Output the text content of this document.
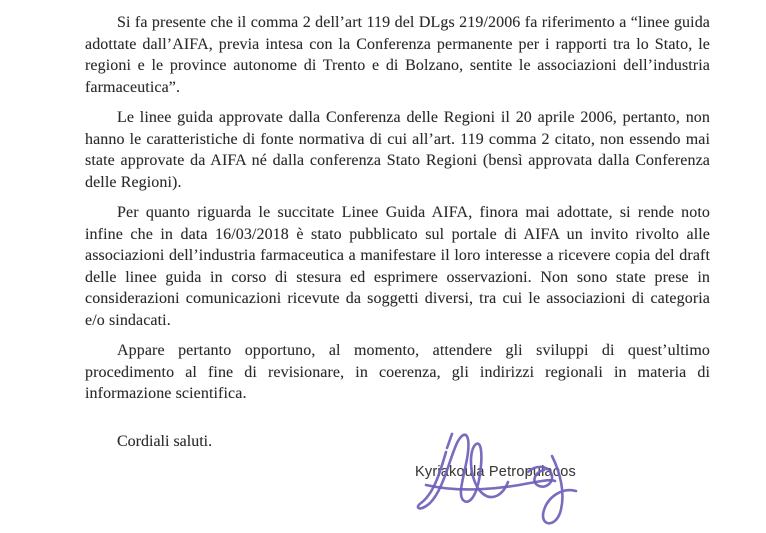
Si fa presente che il comma 2 dell’art 119 del DLgs 219/2006 fa riferimento a “linee guida adottate dall’AIFA, previa intesa con la Conferenza permanente per i rapporti tra lo Stato, le regioni e le province autonome di Trento e di Bolzano, sentite le associazioni dell’industria farmaceutica”.

Le linee guida approvate dalla Conferenza delle Regioni il 20 aprile 2006, pertanto, non hanno le caratteristiche di fonte normativa di cui all’art. 119 comma 2 citato, non essendo mai state approvate da AIFA né dalla conferenza Stato Regioni (bensì approvata dalla Conferenza delle Regioni).

Per quanto riguarda le succitate Linee Guida AIFA, finora mai adottate, si rende noto infine che in data 16/03/2018 è stato pubblicato sul portale di AIFA un invito rivolto alle associazioni dell’industria farmaceutica a manifestare il loro interesse a ricevere copia del draft delle linee guida in corso di stesura ed esprimere osservazioni. Non sono state prese in considerazioni comunicazioni ricevute da soggetti diversi, tra cui le associazioni di categoria e/o sindacati.

Appare pertanto opportuno, al momento, attendere gli sviluppi di quest’ultimo procedimento al fine di revisionare, in coerenza, gli indirizzi regionali in materia di informazione scientifica.

Cordiali saluti.

Kyriakoula Petropulacos
